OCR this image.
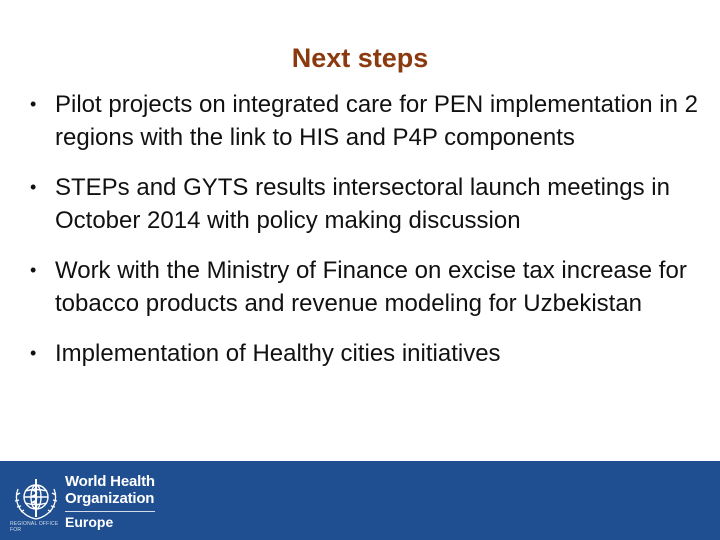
Next steps
• Pilot projects on integrated care for PEN implementation in 2 regions with the link to HIS and P4P components
• STEPs and GYTS results intersectoral launch meetings in October 2014 with policy making discussion
• Work with the Ministry of Finance on excise tax increase for tobacco products and revenue modeling for Uzbekistan
• Implementation of Healthy cities initiatives
World Health
Organization
REGIONAL OFFICE FOR	Europe
